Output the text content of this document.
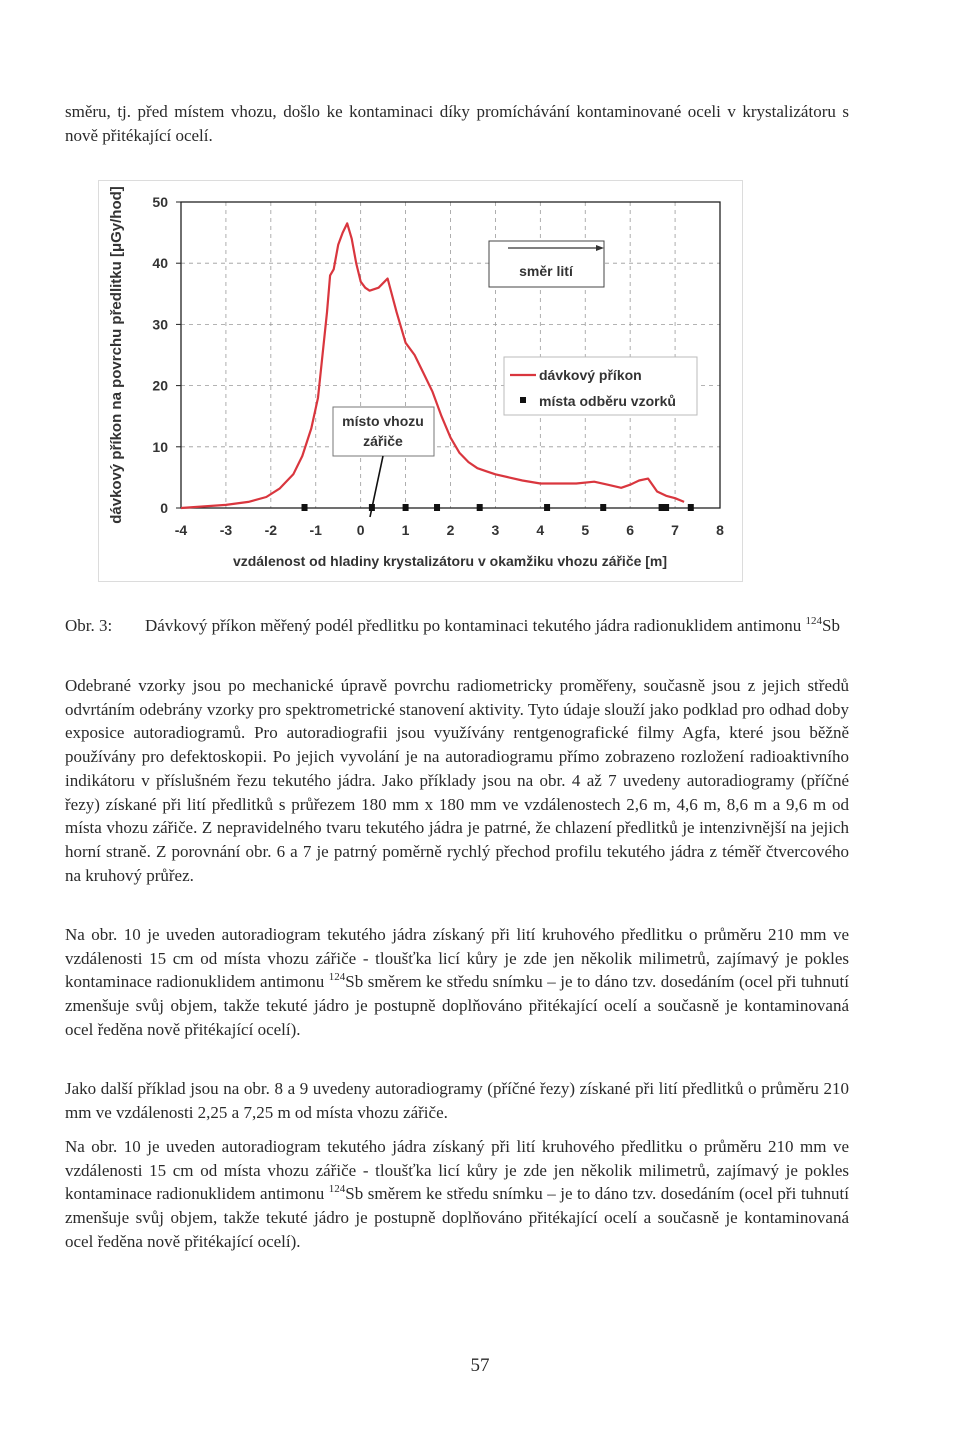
směru, tj. před místem vhozu, došlo ke kontaminaci díky promíchávání kontaminované oceli v krystalizátoru s nově přitékající ocelí.

0
10
20
30
40
50
-4 -3 -2 -1 0	1	2	3	4	5	6	7	8
dávkový příkon na povrchu předlitku [μGy/hod]
vzdálenost od hladiny krystalizátoru v okamžiku vhozu zářiče [m]
směr lití
dávkový příkon
místa odběru vzorků
místo vhozu
zářiče
Obr. 3: Dávkový příkon měřený podél předlitku po kontaminaci tekutého jádra radionuklidem antimonu $^{124}$Sb

Odebrané vzorky jsou po mechanické úpravě povrchu radiometricky proměřeny, současně jsou z jejich středů odvrtáním odebrány vzorky pro spektrometrické stanovení aktivity. Tyto údaje slouží jako podklad pro odhad doby exposice autoradiogramů. Pro autoradiografii jsou využívány rentgenografické filmy Agfa, které jsou běžně používány pro defektoskopii. Po jejich vyvolání je na autoradiogramu přímo zobrazeno rozložení radioaktivního indikátoru v příslušném řezu tekutého jádra. Jako příklady jsou na obr. 4 až 7 uvedeny autoradiogramy (příčné řezy) získané při lití předlitků s průřezem 180 mm x 180 mm ve vzdálenostech 2,6 m, 4,6 m, 8,6 m a 9,6 m od místa vhozu zářiče. Z nepravidelného tvaru tekutého jádra je patrné, že chlazení předlitků je intenzivnější na jejich horní straně. Z porovnání obr. 6 a 7 je patrný poměrně rychlý přechod profilu tekutého jádra z téměř čtvercového na kruhový průřez.

Na obr. 10 je uveden autoradiogram tekutého jádra získaný při lití kruhového předlitku o průměru 210 mm ve vzdálenosti 15 cm od místa vhozu zářiče - tloušťka licí kůry je zde jen několik milimetrů, zajímavý je pokles kontaminace radionuklidem antimonu $^{124}$Sb směrem ke středu snímku – je to dáno tzv. dosedáním (ocel při tuhnutí zmenšuje svůj objem, takže tekuté jádro je postupně doplňováno přitékající ocelí a současně je kontaminovaná ocel ředěna nově přitékající ocelí).

Jako další příklad jsou na obr. 8 a 9 uvedeny autoradiogramy (příčné řezy) získané při lití předlitků o průměru 210 mm ve vzdálenosti 2,25 a 7,25 m od místa vhozu zářiče.

Na obr. 10 je uveden autoradiogram tekutého jádra získaný při lití kruhového předlitku o průměru 210 mm ve vzdálenosti 15 cm od místa vhozu zářiče - tloušťka licí kůry je zde jen několik milimetrů, zajímavý je pokles kontaminace radionuklidem antimonu $^{124}$Sb směrem ke středu snímku – je to dáno tzv. dosedáním (ocel při tuhnutí zmenšuje svůj objem, takže tekuté jádro je postupně doplňováno přitékající ocelí a současně je kontaminovaná ocel ředěna nově přitékající ocelí).

57
